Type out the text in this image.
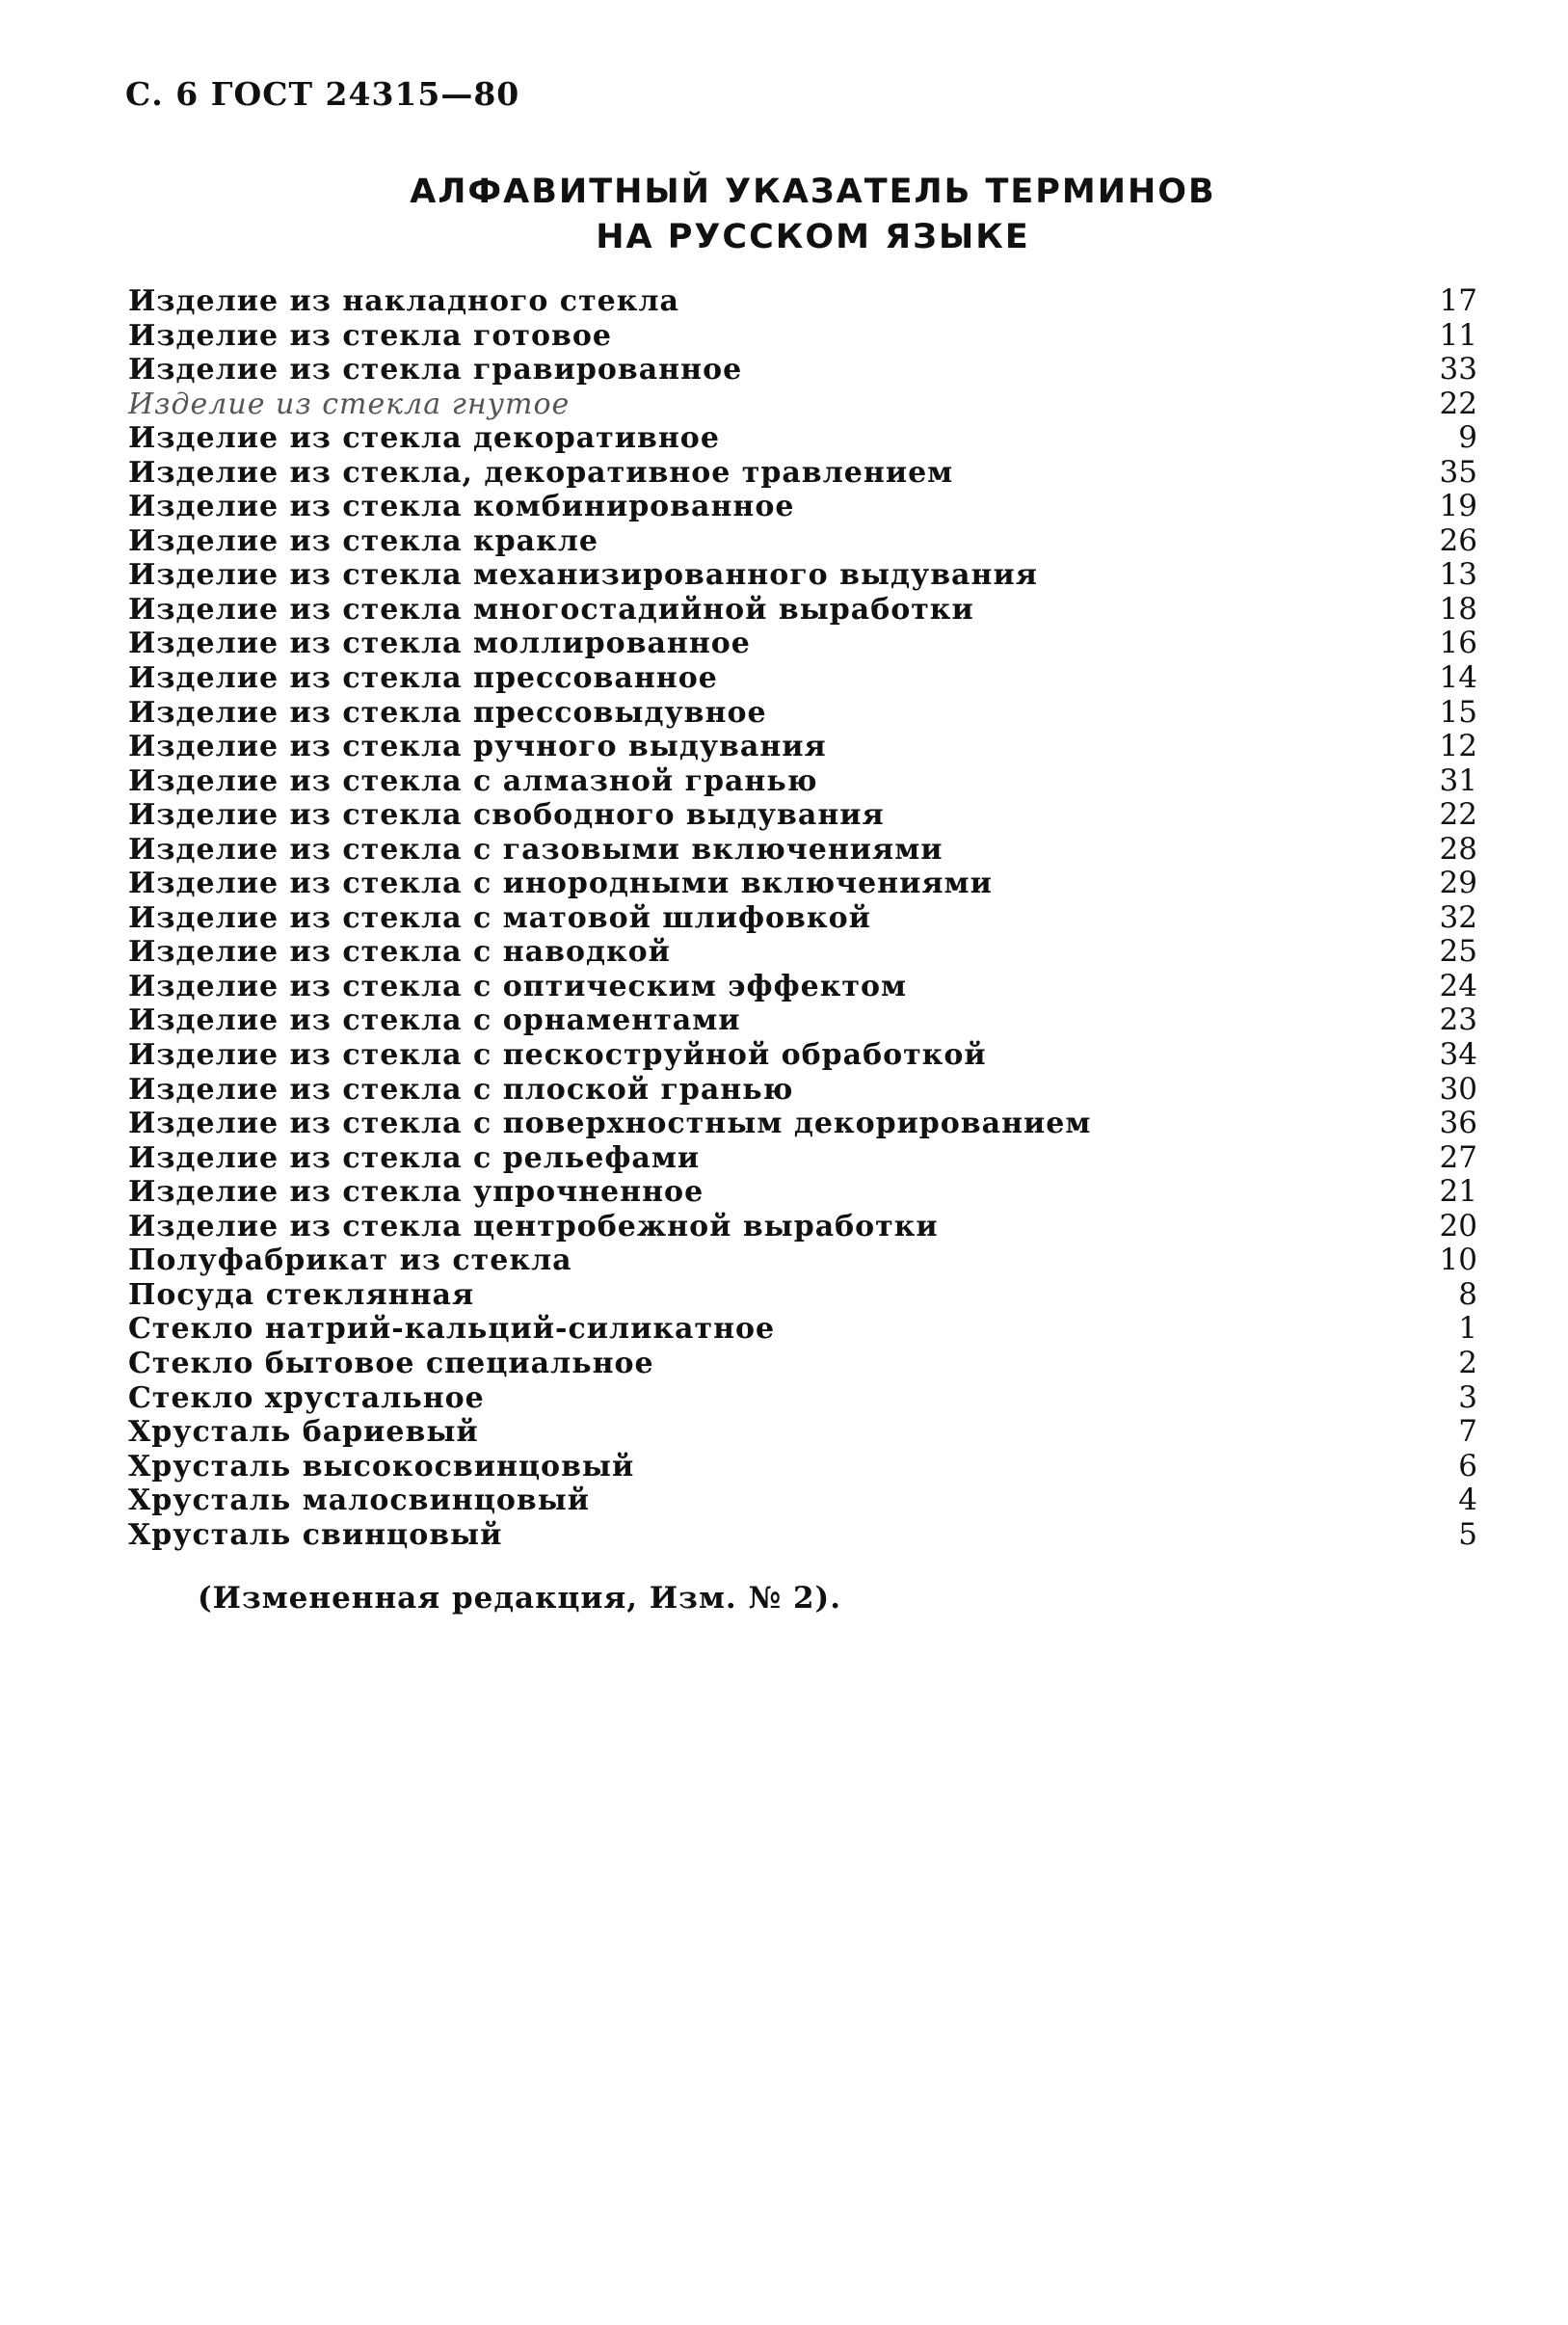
С. 6 ГОСТ 24315—80
АЛФАВИТНЫЙ УКАЗАТЕЛЬ ТЕРМИНОВ
НА РУССКОМ ЯЗЫКЕ
Изделие из накладного стекла	17
Изделие из стекла готовое	11
Изделие из стекла гравированное	33
Изделие из стекла гнутое	22
Изделие из стекла декоративное	9
Изделие из стекла, декоративное травлением	35
Изделие из стекла комбинированное	19
Изделие из стекла кракле	26
Изделие из стекла механизированного выдувания	13
Изделие из стекла многостадийной выработки	18
Изделие из стекла моллированное	16
Изделие из стекла прессованное	14
Изделие из стекла прессовыдувное	15
Изделие из стекла ручного выдувания	12
Изделие из стекла с алмазной гранью	31
Изделие из стекла свободного выдувания	22
Изделие из стекла с газовыми включениями	28
Изделие из стекла с инородными включениями	29
Изделие из стекла с матовой шлифовкой	32
Изделие из стекла с наводкой	25
Изделие из стекла с оптическим эффектом	24
Изделие из стекла с орнаментами	23
Изделие из стекла с пескоструйной обработкой	34
Изделие из стекла с плоской гранью	30
Изделие из стекла с поверхностным декорированием	36
Изделие из стекла с рельефами	27
Изделие из стекла упрочненное	21
Изделие из стекла центробежной выработки	20
Полуфабрикат из стекла	10
Посуда стеклянная	8
Стекло натрий-кальций-силикатное	1
Стекло бытовое специальное	2
Стекло хрустальное	3
Хрусталь бариевый	7
Хрусталь высокосвинцовый	6
Хрусталь малосвинцовый	4
Хрусталь свинцовый	5
(Измененная редакция, Изм. № 2).
